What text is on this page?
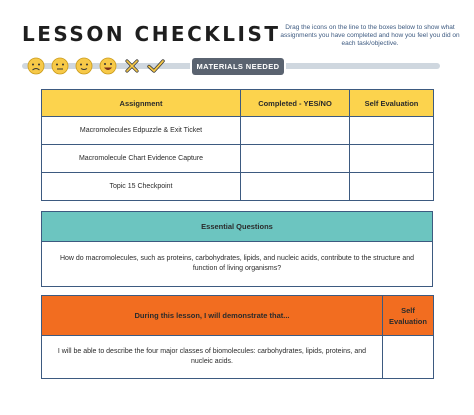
LESSON CHECKLIST Drag the icons on the line to the boxes below to show what assignments you have completed and how you feel you did on each task/objective.
MATERIALS NEEDED
Assignment	Completed - YES/NO	Self Evaluation
Macromolecules Edpuzzle & Exit Ticket		
Macromolecule Chart Evidence Capture		
Topic 15 Checkpoint		
Essential Questions
How do macromolecules, such as proteins, carbohydrates, lipids, and nucleic acids, contribute to the structure and function of living organisms?
During this lesson, I will demonstrate that...	Self Evaluation
I will be able to describe the four major classes of biomolecules: carbohydrates, lipids, proteins, and nucleic acids.	
